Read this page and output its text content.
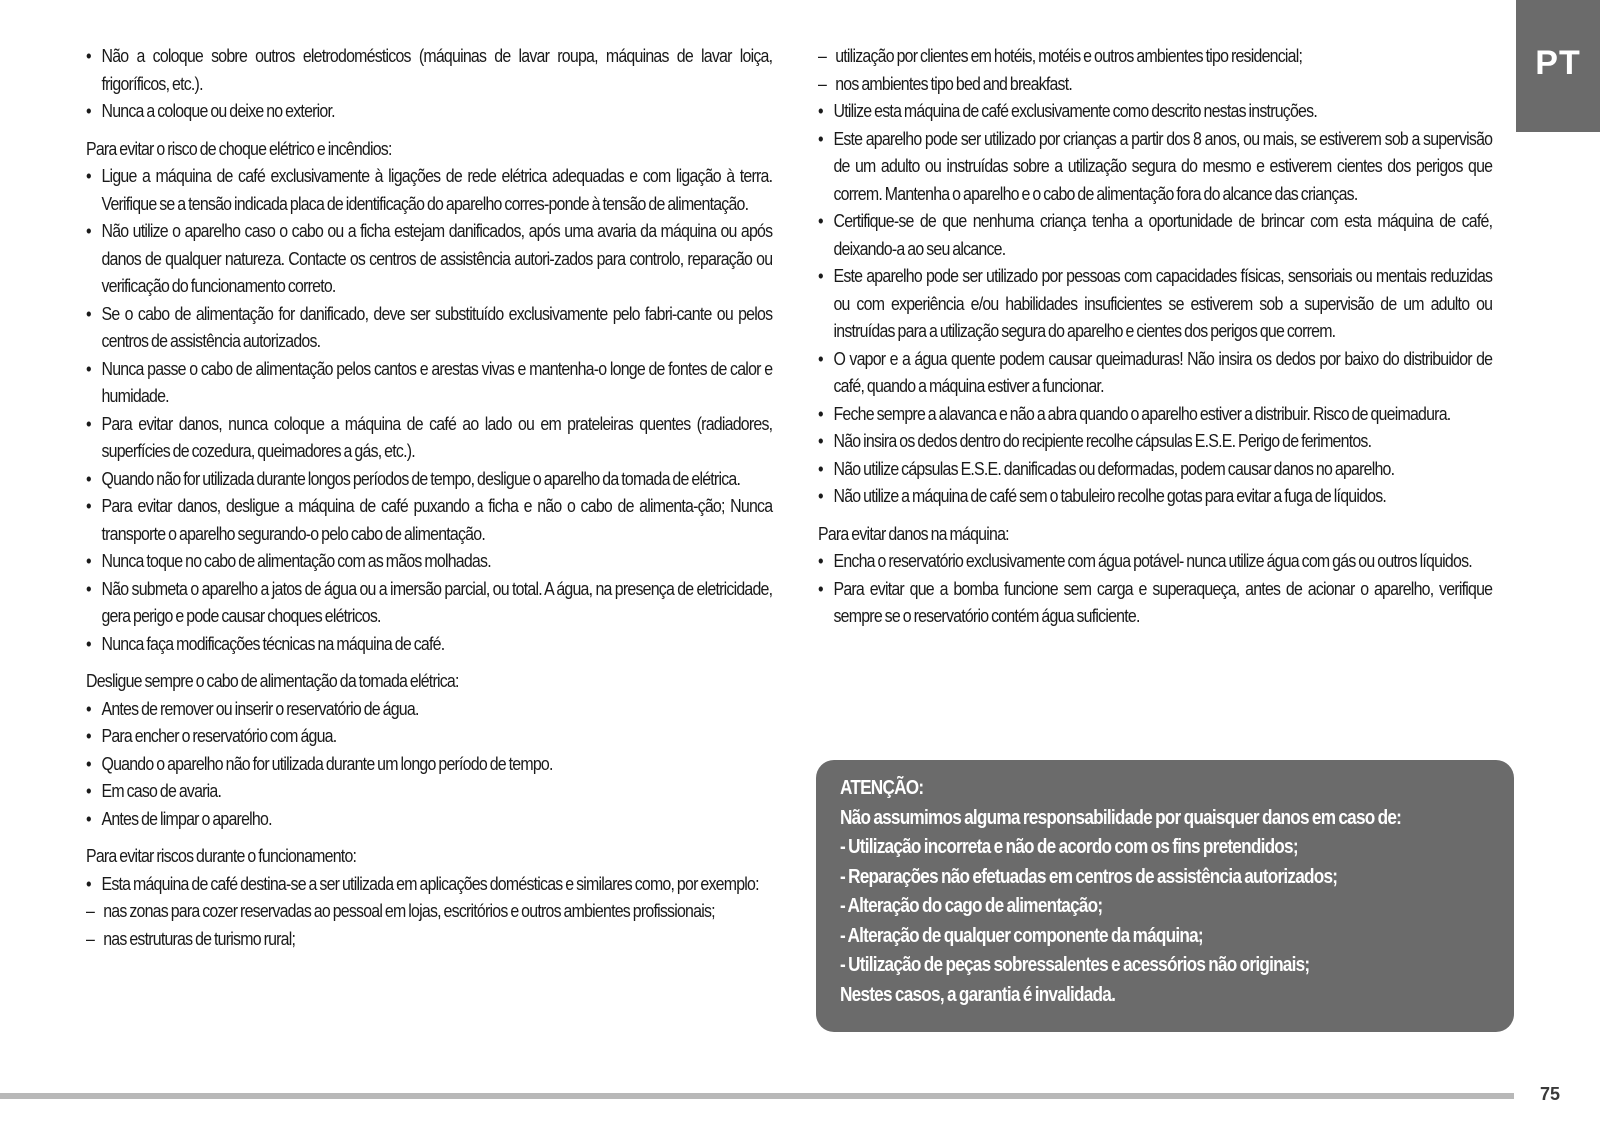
PT
• Não a coloque sobre outros eletrodomésticos (máquinas de lavar roupa, máquinas de lavar loiça, frigoríficos, etc.).
• Nunca a coloque ou deixe no exterior.

Para evitar o risco de choque elétrico e incêndios:

• Ligue a máquina de café exclusivamente à ligações de rede elétrica adequadas e com ligação à terra. Verifique se a tensão indicada placa de identificação do aparelho corres-ponde à tensão de alimentação.
• Não utilize o aparelho caso o cabo ou a ficha estejam danificados, após uma avaria da máquina ou após danos de qualquer natureza. Contacte os centros de assistência autori-zados para controlo, reparação ou verificação do funcionamento correto.
• Se o cabo de alimentação for danificado, deve ser substituído exclusivamente pelo fabri-cante ou pelos centros de assistência autorizados.
• Nunca passe o cabo de alimentação pelos cantos e arestas vivas e mantenha-o longe de fontes de calor e humidade.
• Para evitar danos, nunca coloque a máquina de café ao lado ou em prateleiras quentes (radiadores, superfícies de cozedura, queimadores a gás, etc.).
• Quando não for utilizada durante longos períodos de tempo, desligue o aparelho da tomada de elétrica.
• Para evitar danos, desligue a máquina de café puxando a ficha e não o cabo de alimenta-ção; Nunca transporte o aparelho segurando-o pelo cabo de alimentação.
• Nunca toque no cabo de alimentação com as mãos molhadas.
• Não submeta o aparelho a jatos de água ou a imersão parcial, ou total. A água, na presença de eletricidade, gera perigo e pode causar choques elétricos.
• Nunca faça modificações técnicas na máquina de café.

Desligue sempre o cabo de alimentação da tomada elétrica:

• Antes de remover ou inserir o reservatório de água.
• Para encher o reservatório com água.
• Quando o aparelho não for utilizada durante um longo período de tempo.
• Em caso de avaria.
• Antes de limpar o aparelho.

Para evitar riscos durante o funcionamento:

• Esta máquina de café destina-se a ser utilizada em aplicações domésticas e similares como, por exemplo:
– nas zonas para cozer reservadas ao pessoal em lojas, escritórios e outros ambientes profissionais;
– nas estruturas de turismo rural;
– utilização por clientes em hotéis, motéis e outros ambientes tipo residencial;
– nos ambientes tipo bed and breakfast.
• Utilize esta máquina de café exclusivamente como descrito nestas instruções.
• Este aparelho pode ser utilizado por crianças a partir dos 8 anos, ou mais, se estiverem sob a supervisão de um adulto ou instruídas sobre a utilização segura do mesmo e estiverem cientes dos perigos que correm. Mantenha o aparelho e o cabo de alimentação fora do alcance das crianças.
• Certifique-se de que nenhuma criança tenha a oportunidade de brincar com esta máquina de café, deixando-a ao seu alcance.
• Este aparelho pode ser utilizado por pessoas com capacidades físicas, sensoriais ou mentais reduzidas ou com experiência e/ou habilidades insuficientes se estiverem sob a supervisão de um adulto ou instruídas para a utilização segura do aparelho e cientes dos perigos que correm.
• O vapor e a água quente podem causar queimaduras! Não insira os dedos por baixo do distribuidor de café, quando a máquina estiver a funcionar.
• Feche sempre a alavanca e não a abra quando o aparelho estiver a distribuir. Risco de queimadura.
• Não insira os dedos dentro do recipiente recolhe cápsulas E.S.E. Perigo de ferimentos.
• Não utilize cápsulas E.S.E. danificadas ou deformadas, podem causar danos no aparelho.
• Não utilize a máquina de café sem o tabuleiro recolhe gotas para evitar a fuga de líquidos.

Para evitar danos na máquina:

• Encha o reservatório exclusivamente com água potável- nunca utilize água com gás ou outros líquidos.
• Para evitar que a bomba funcione sem carga e superaqueça, antes de acionar o aparelho, verifique sempre se o reservatório contém água suficiente.
ATENÇÃO:
Não assumimos alguma responsabilidade por quaisquer danos em caso de:
- Utilização incorreta e não de acordo com os fins pretendidos;
- Reparações não efetuadas em centros de assistência autorizados;
- Alteração do cago de alimentação;
- Alteração de qualquer componente da máquina;
- Utilização de peças sobressalentes e acessórios não originais;
Nestes casos, a garantia é invalidada.
75
